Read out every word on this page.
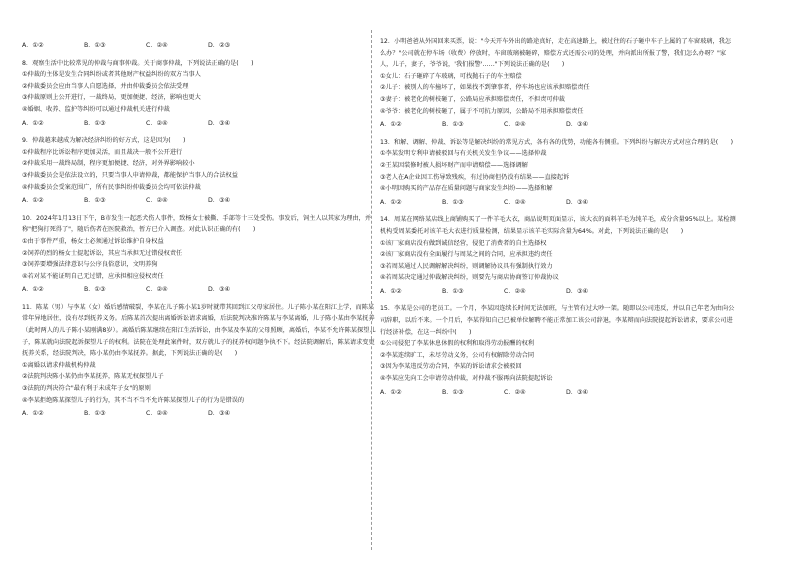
A．①②	B．①③	C．②④	D．②③
8．观察生活中比较常见的仲裁与商事仲裁。关于商事仲裁，下列说法正确的是(　　)
①仲裁的主体是发生合同纠纷或者其他财产权益纠纷的双方当事人
②仲裁委员会应由当事人自愿选择，并由仲裁委员会依法受理
③仲裁原则上公开进行，一裁终局，更加便捷、经济，影响也更大
④婚姻、收养、监护等纠纷可以通过仲裁机关进行仲裁
A．①②	B．①③	C．②④	D．③④
9．仲裁越来越成为解决经济纠纷的好方式，这是因为(　　)
①仲裁程序比诉讼程序更加灵活，而且裁决一般不公开进行
②仲裁采用一裁终局制，程序更加便捷、经济，对外界影响较小
③仲裁委员会是依法设立的，只要当事人申请仲裁，都能保护当事人的合法权益
④仲裁委员会受案范围广，所有民事纠纷仲裁委员会均可依法仲裁
A．①②	B．①③	C．②④	D．③④
10．2024年1月13日下午，B市发生一起恶犬伤人事件，致杨女士被撕、手部等十三处受伤。事发后，饲主人以其家为理由，并称"把狗打死得了"，随后伤者在医院救治，暂方已介入调查。对此认识正确的有(　　)
①由于事件严重，杨女士必须通过诉讼维护自身权益
②饲养的烈的杨女士提起诉讼，其应当承担无过错侵权责任
③饲养要增强法律意识与公序良俗意识，文明养狗
④若对某不能证明自己无过错，应承担相应侵权责任
A．①②	B．①③	C．②④	D．③④
11．陈某（男）与李某（女）婚后感情破裂，李某在儿子陈小某1岁时就带其回到江父母家居住。儿子陈小某在阳江上学，而陈某常年异地居住，没有尽到抚养义务。后陈某首次提出离婚诉讼请求离婚，后法院判决准许陈某与李某离婚，儿子陈小某由李某抚养（此时两人的儿子陈小某刚满8岁）。离婚后陈某继续在阳江生活诉讼，由李某及李某的父母照顾，离婚后，李某不允许陈某探望儿子，陈某就向法院起诉探望儿子的权利。法院在处理此案件时，双方就儿子的抚养权问题争执不下。经法院调解后，陈某请求变更抚养关系，经法院判决，陈小某仍由李某抚养。据此，下列说法正确的是(　　)
①离婚以请求仲裁机构仲裁
②法院判决陈小某仍由李某抚养，陈某无权探望儿子
③法院的判决符合"最有利于未成年子女"的原则
④李某拒绝陈某探望儿子的行为，其不当不当不允许陈某探望儿子的行为是错误的
A．①②	B．①③	C．②④	D．③④
12．小明爸爸从外国回来买票，说："今天开车外出的路途真好，走在高速路上，被过往的石子砸中车子上属的了车窗玻璃，我怎么办？"公司就在停车场（收费）停放时，车窗玻璃被砸碎，赔偿方式还需公司的处理，并向派出所报了警，我们怎么办呀？"家人，儿子，妻子，爷爷说，'我们报警'……"下列说法正确的是(　　)
①女儿：石子砸碎了车玻璃，可找抛石子的车主赔偿
②儿子：被别人的车撞坏了，如果找不到肇事者，停车场也应该承担赔偿责任
③妻子：被老化的树枝砸了，公路局应承担赔偿责任，不担责可仲裁
④爷爷：被老化的树枝砸了，属于不可抗力原因，公路局不用承担赔偿责任
A．①②	B．①③	C．②④	D．③④
13．和解、调解、仲裁、诉讼等是解决纠纷的常见方式，各有各的优势，功能各有侧重。下列纠纷与解决方式对应合理的是(　　)
①李某发明专利申请被驳回与有关机关发生争议——选择仲裁
②王某因装修时被人损坏财产而申请赔偿——选择调解
③老人在A企业因工伤导致残疾，有过协商但仍没有结果——直接起诉
④小明因购买的产品存在质量问题与商家发生纠纷——选择和解
A．①②	B．①③	C．②④	D．③④
14．周某在网络某店线上商铺购买了一件羊毛大衣，商品说明页面显示，该大衣的面料羊毛为纯羊毛，成分含量95%以上。某检测机构受周某委托对该羊毛大衣进行质量检测，结果显示该羊毛实际含量为64%。对此，下列说法正确的是(　　)
①该厂家商店没有做到诚信经营，侵犯了消费者的自主选择权
②该厂家商店没有全面履行与周某之间的合同，应承担违约责任
③若周某通过人民调解解决纠纷，则调解协议具有强制执行效力
④若周某决定通过仲裁解决纠纷，则要先与商店协商签订仲裁协议
A．①②	B．①③	C．②④	D．③④
15．李某是公司的老员工。一个月，李某因连续长时间无法加班，与主管有过大吵一架。随即以公司违反，并以自己年老为由向公司辞职，以后不来。一个月后，李某得知自己已被单位解聘不能正常加工该公司辞退，李某辩而向法院提起诉讼请求，要求公司进行经济补偿，在这一纠纷中(　　)
①公司侵犯了李某休息休假的权利和取得劳动报酬的权利
②李某连续旷工，未尽劳动义务，公司有权解除劳动合同
③因为李某违反劳动合同，李某的诉讼请求会被驳回
④李某应先向工会申请劳动仲裁，对仲裁不服再向法院提起诉讼
A．①②	B．①③	C．②④	D．③④
